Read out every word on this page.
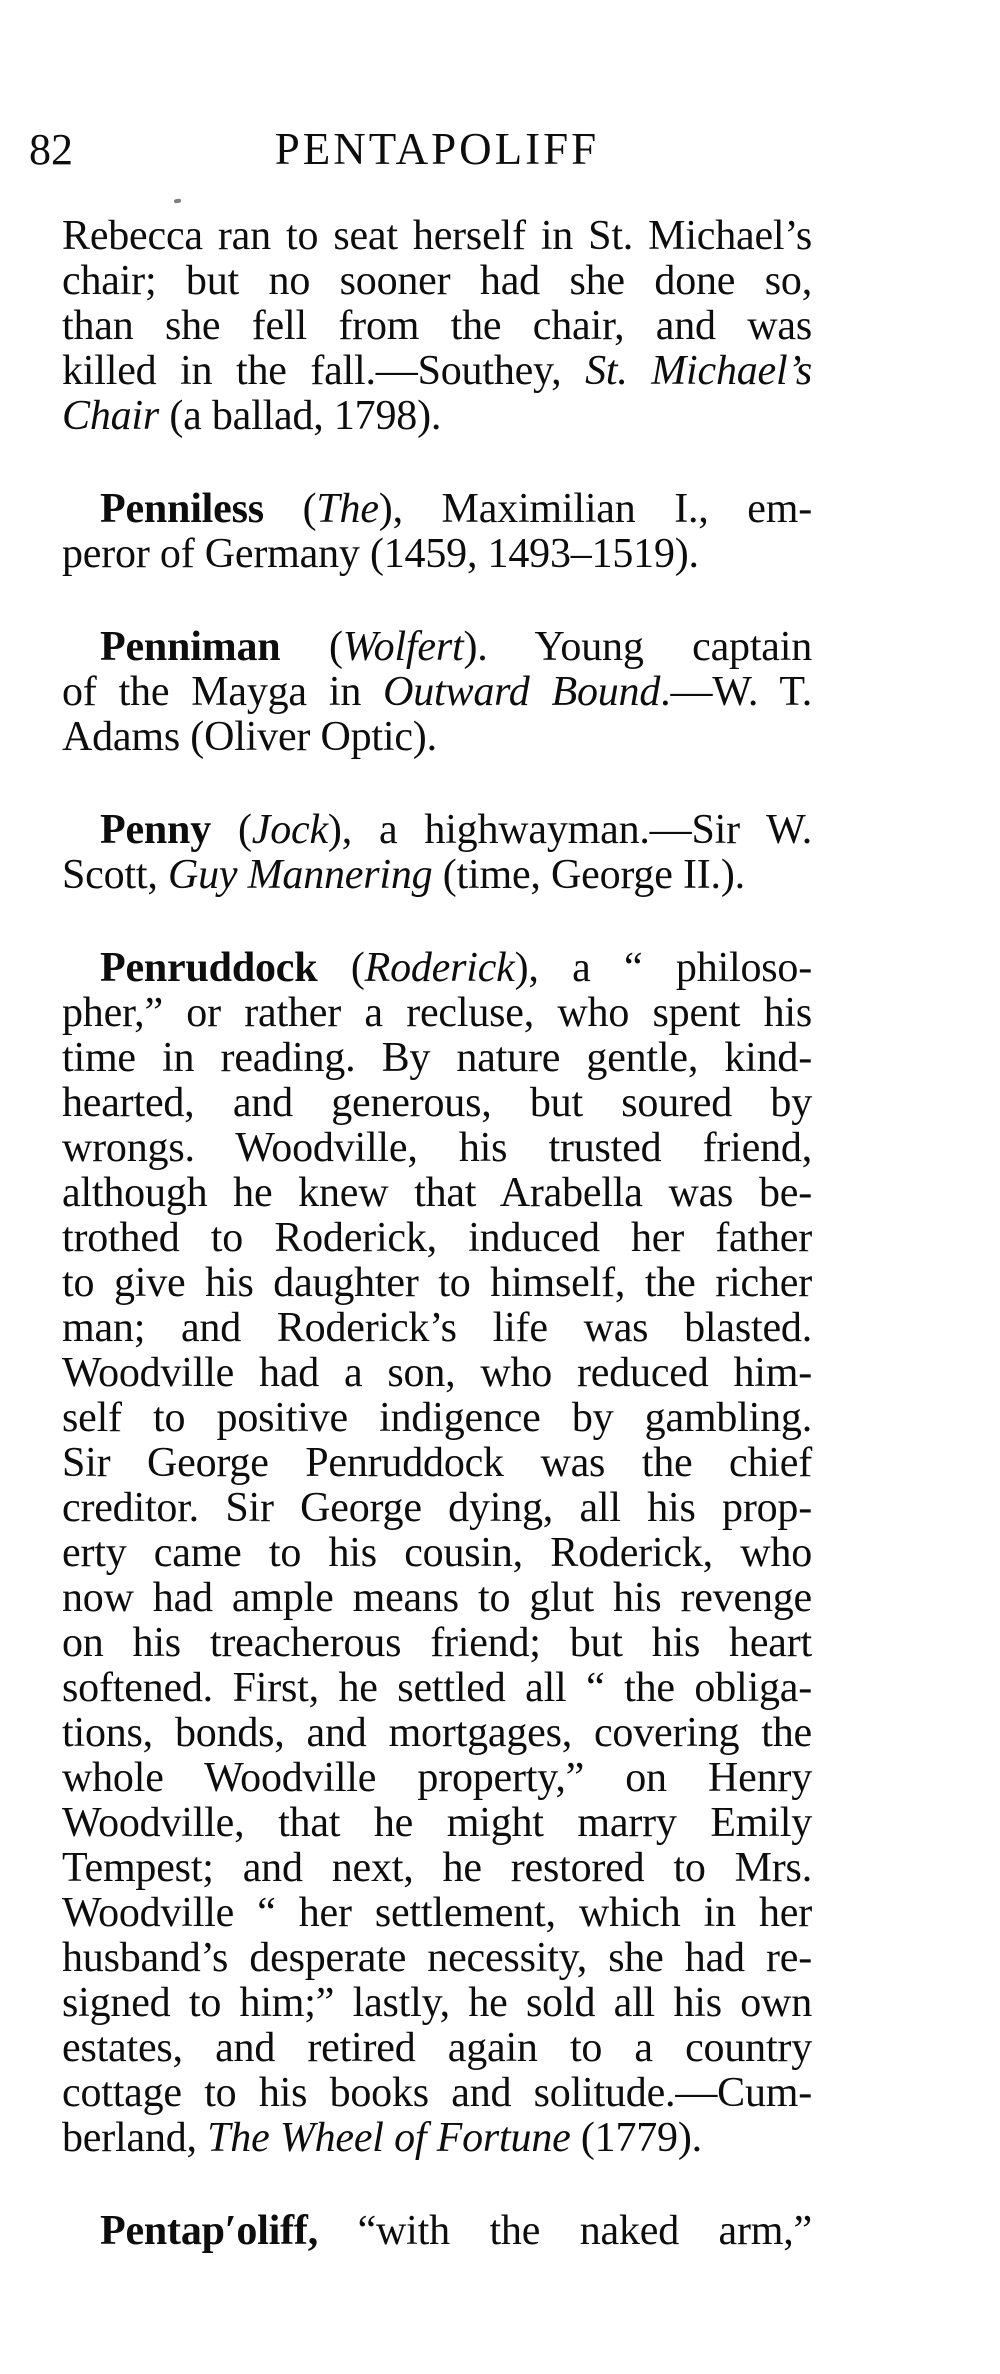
82	PENTAPOLIFF
Rebecca ran to seat herself in St. Michael’s
chair; but no sooner had she done so,
than she fell from the chair, and was
killed in the fall.—Southey, St. Michael’s
Chair (a ballad, 1798).
Penniless (The), Maximilian I., em-
peror of Germany (1459, 1493–1519).
Penniman (Wolfert). Young captain
of the Mayga in Outward Bound.—W. T.
Adams (Oliver Optic).
Penny (Jock), a highwayman.—Sir W.
Scott, Guy Mannering (time, George II.).
Penruddock (Roderick), a “ philoso-
pher,” or rather a recluse, who spent his
time in reading. By nature gentle, kind-
hearted, and generous, but soured by
wrongs. Woodville, his trusted friend,
although he knew that Arabella was be-
trothed to Roderick, induced her father
to give his daughter to himself, the richer
man; and Roderick’s life was blasted.
Woodville had a son, who reduced him-
self to positive indigence by gambling.
Sir George Penruddock was the chief
creditor. Sir George dying, all his prop-
erty came to his cousin, Roderick, who
now had ample means to glut his revenge
on his treacherous friend; but his heart
softened. First, he settled all “ the obliga-
tions, bonds, and mortgages, covering the
whole Woodville property,” on Henry
Woodville, that he might marry Emily
Tempest; and next, he restored to Mrs.
Woodville “ her settlement, which in her
husband’s desperate necessity, she had re-
signed to him;” lastly, he sold all his own
estates, and retired again to a country
cottage to his books and solitude.—Cum-
berland, The Wheel of Fortune (1779).
Pentap′oliff, “with the naked arm,”
